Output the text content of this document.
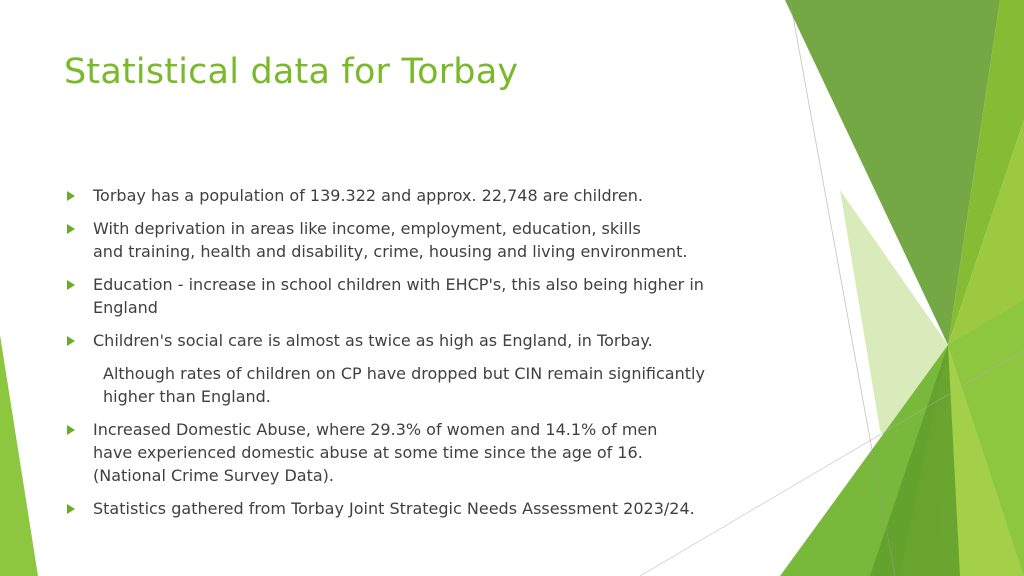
Statistical data for Torbay
Torbay has a population of 139.322 and approx. 22,748 are children.
With deprivation in areas like income, employment, education, skills
and training, health and disability, crime, housing and living environment.
Education - increase in school children with EHCP's, this also being higher in
England
Children's social care is almost as twice as high as England, in Torbay.
Although rates of children on CP have dropped but CIN remain significantly
higher than England.
Increased Domestic Abuse, where 29.3% of women and 14.1% of men
have experienced domestic abuse at some time since the age of 16.
(National Crime Survey Data).
Statistics gathered from Torbay Joint Strategic Needs Assessment 2023/24.
